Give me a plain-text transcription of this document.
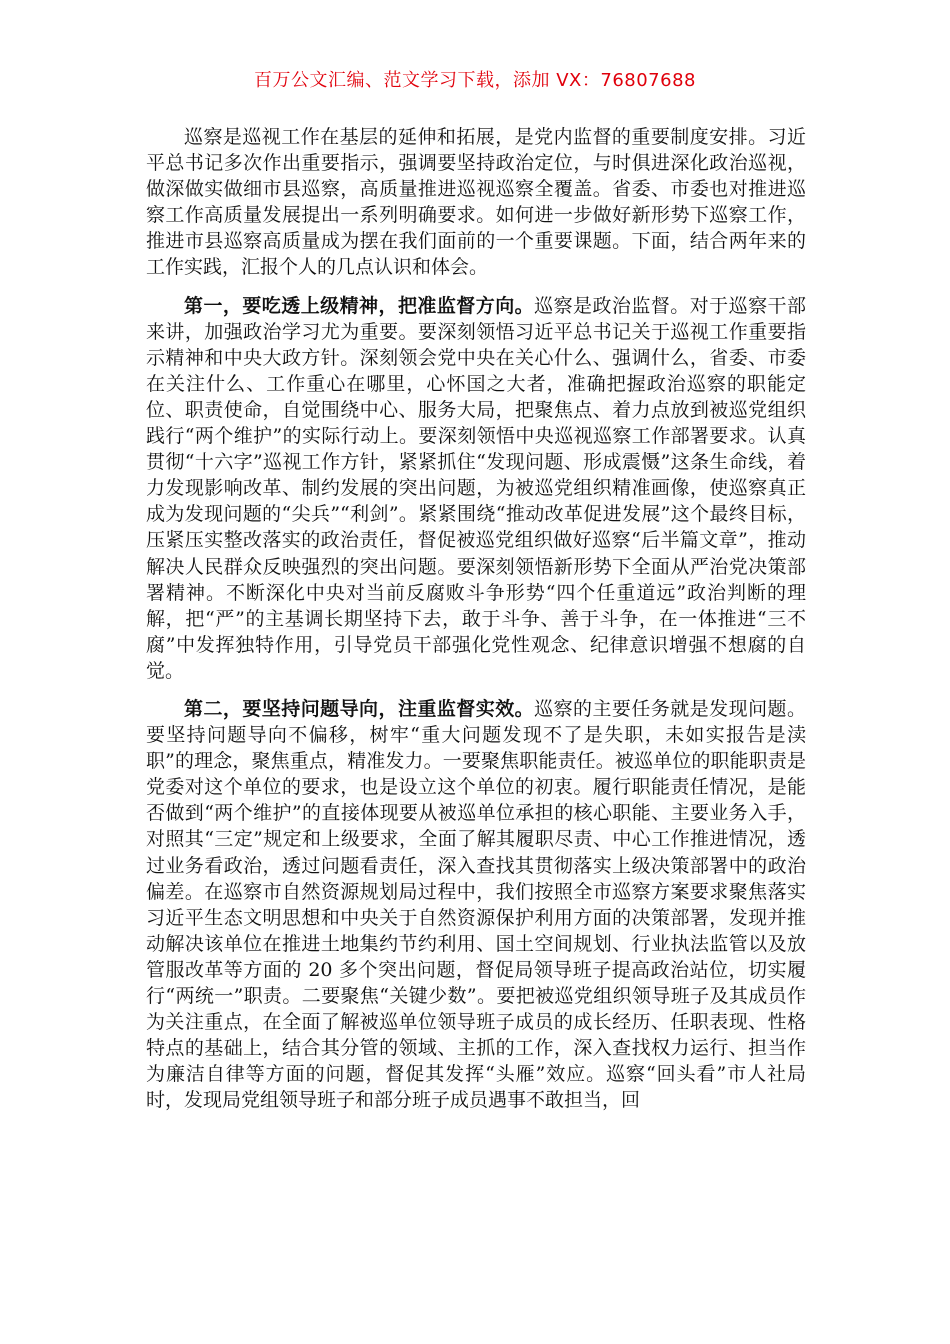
百万公文汇编、范文学习下载，添加 VX：76807688

巡察是巡视工作在基层的延伸和拓展，是党内监督的重要制度安排。习近平总书记多次作出重要指示，强调要坚持政治定位，与时俱进深化政治巡视，做深做实做细市县巡察，高质量推进巡视巡察全覆盖。省委、市委也对推进巡察工作高质量发展提出一系列明确要求。如何进一步做好新形势下巡察工作，推进市县巡察高质量成为摆在我们面前的一个重要课题。下面，结合两年来的工作实践，汇报个人的几点认识和体会。

第一，要吃透上级精神，把准监督方向。巡察是政治监督。对于巡察干部来讲，加强政治学习尤为重要。要深刻领悟习近平总书记关于巡视工作重要指示精神和中央大政方针。深刻领会党中央在关心什么、强调什么，省委、市委在关注什么、工作重心在哪里，心怀国之大者，准确把握政治巡察的职能定位、职责使命，自觉围绕中心、服务大局，把聚焦点、着力点放到被巡党组织践行“两个维护”的实际行动上。要深刻领悟中央巡视巡察工作部署要求。认真贯彻“十六字”巡视工作方针，紧紧抓住“发现问题、形成震慑”这条生命线，着力发现影响改革、制约发展的突出问题，为被巡党组织精准画像，使巡察真正成为发现问题的“尖兵”“利剑”。紧紧围绕“推动改革促进发展”这个最终目标，压紧压实整改落实的政治责任，督促被巡党组织做好巡察“后半篇文章”，推动解决人民群众反映强烈的突出问题。要深刻领悟新形势下全面从严治党决策部署精神。不断深化中央对当前反腐败斗争形势“四个任重道远”政治判断的理解，把“严”的主基调长期坚持下去，敢于斗争、善于斗争，在一体推进“三不腐”中发挥独特作用，引导党员干部强化党性观念、纪律意识增强不想腐的自觉。

第二，要坚持问题导向，注重监督实效。巡察的主要任务就是发现问题。要坚持问题导向不偏移，树牢“重大问题发现不了是失职，未如实报告是渎职”的理念，聚焦重点，精准发力。一要聚焦职能责任。被巡单位的职能职责是党委对这个单位的要求，也是设立这个单位的初衷。履行职能责任情况，是能否做到“两个维护”的直接体现要从被巡单位承担的核心职能、主要业务入手，对照其“三定”规定和上级要求，全面了解其履职尽责、中心工作推进情况，透过业务看政治，透过问题看责任，深入查找其贯彻落实上级决策部署中的政治偏差。在巡察市自然资源规划局过程中，我们按照全市巡察方案要求聚焦落实习近平生态文明思想和中央关于自然资源保护利用方面的决策部署，发现并推动解决该单位在推进土地集约节约利用、国土空间规划、行业执法监管以及放管服改革等方面的 20 多个突出问题，督促局领导班子提高政治站位，切实履行“两统一”职责。二要聚焦“关键少数”。要把被巡党组织领导班子及其成员作为关注重点，在全面了解被巡单位领导班子成员的成长经历、任职表现、性格特点的基础上，结合其分管的领域、主抓的工作，深入查找权力运行、担当作为廉洁自律等方面的问题，督促其发挥“头雁”效应。巡察“回头看”市人社局时，发现局党组领导班子和部分班子成员遇事不敢担当，回
